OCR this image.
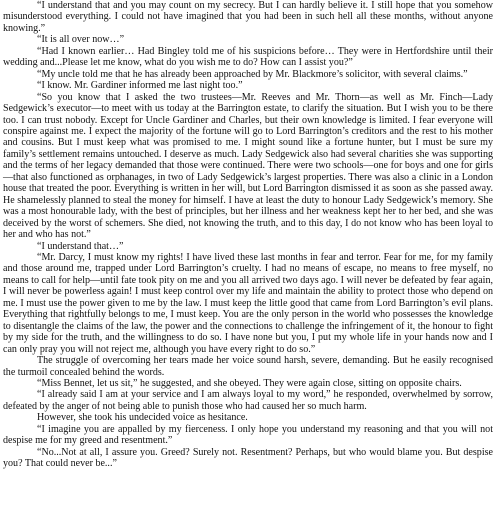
“I understand that and you may count on my secrecy. But I can hardly believe it. I still hope that you somehow misunderstood everything. I could not have imagined that you had been in such hell all these months, without anyone knowing.”

“It is all over now…”

“Had I known earlier… Had Bingley told me of his suspicions before… They were in Hertfordshire until their wedding and...Please let me know, what do you wish me to do? How can I assist you?”

“My uncle told me that he has already been approached by Mr. Blackmore’s solicitor, with several claims.”

“I know. Mr. Gardiner informed me last night too.”

“So you know that I asked the two trustees—Mr. Reeves and Mr. Thorn—as well as Mr. Finch—Lady Sedgewick’s executor—to meet with us today at the Barrington estate, to clarify the situation. But I wish you to be there too. I can trust nobody. Except for Uncle Gardiner and Charles, but their own knowledge is limited. I fear everyone will conspire against me. I expect the majority of the fortune will go to Lord Barrington’s creditors and the rest to his mother and cousins. But I must keep what was promised to me. I might sound like a fortune hunter, but I must be sure my family’s settlement remains untouched. I deserve as much. Lady Sedgewick also had several charities she was supporting and the terms of her legacy demanded that those were continued. There were two schools—one for boys and one for girls—that also functioned as orphanages, in two of Lady Sedgewick’s largest properties. There was also a clinic in a London house that treated the poor. Everything is written in her will, but Lord Barrington dismissed it as soon as she passed away. He shamelessly planned to steal the money for himself. I have at least the duty to honour Lady Sedgewick’s memory. She was a most honourable lady, with the best of principles, but her illness and her weakness kept her to her bed, and she was deceived by the worst of schemers. She died, not knowing the truth, and to this day, I do not know who has been loyal to her and who has not.”

“I understand that…”

“Mr. Darcy, I must know my rights! I have lived these last months in fear and terror. Fear for me, for my family and those around me, trapped under Lord Barrington’s cruelty. I had no means of escape, no means to free myself, no means to call for help—until fate took pity on me and you all arrived two days ago. I will never be defeated by fear again, I will never be powerless again! I must keep control over my life and maintain the ability to protect those who depend on me. I must use the power given to me by the law. I must keep the little good that came from Lord Barrington’s evil plans. Everything that rightfully belongs to me, I must keep. You are the only person in the world who possesses the knowledge to disentangle the claims of the law, the power and the connections to challenge the infringement of it, the honour to fight by my side for the truth, and the willingness to do so. I have none but you, I put my whole life in your hands now and I can only pray you will not reject me, although you have every right to do so.”

The struggle of overcoming her tears made her voice sound harsh, severe, demanding. But he easily recognised the turmoil concealed behind the words.

“Miss Bennet, let us sit,” he suggested, and she obeyed. They were again close, sitting on opposite chairs.

“I already said I am at your service and I am always loyal to my word,” he responded, overwhelmed by sorrow, defeated by the anger of not being able to punish those who had caused her so much harm.

However, she took his undecided voice as hesitance.

“I imagine you are appalled by my fierceness. I only hope you understand my reasoning and that you will not despise me for my greed and resentment.”

“No...Not at all, I assure you. Greed? Surely not. Resentment? Perhaps, but who would blame you. But despise you? That could never be...”
